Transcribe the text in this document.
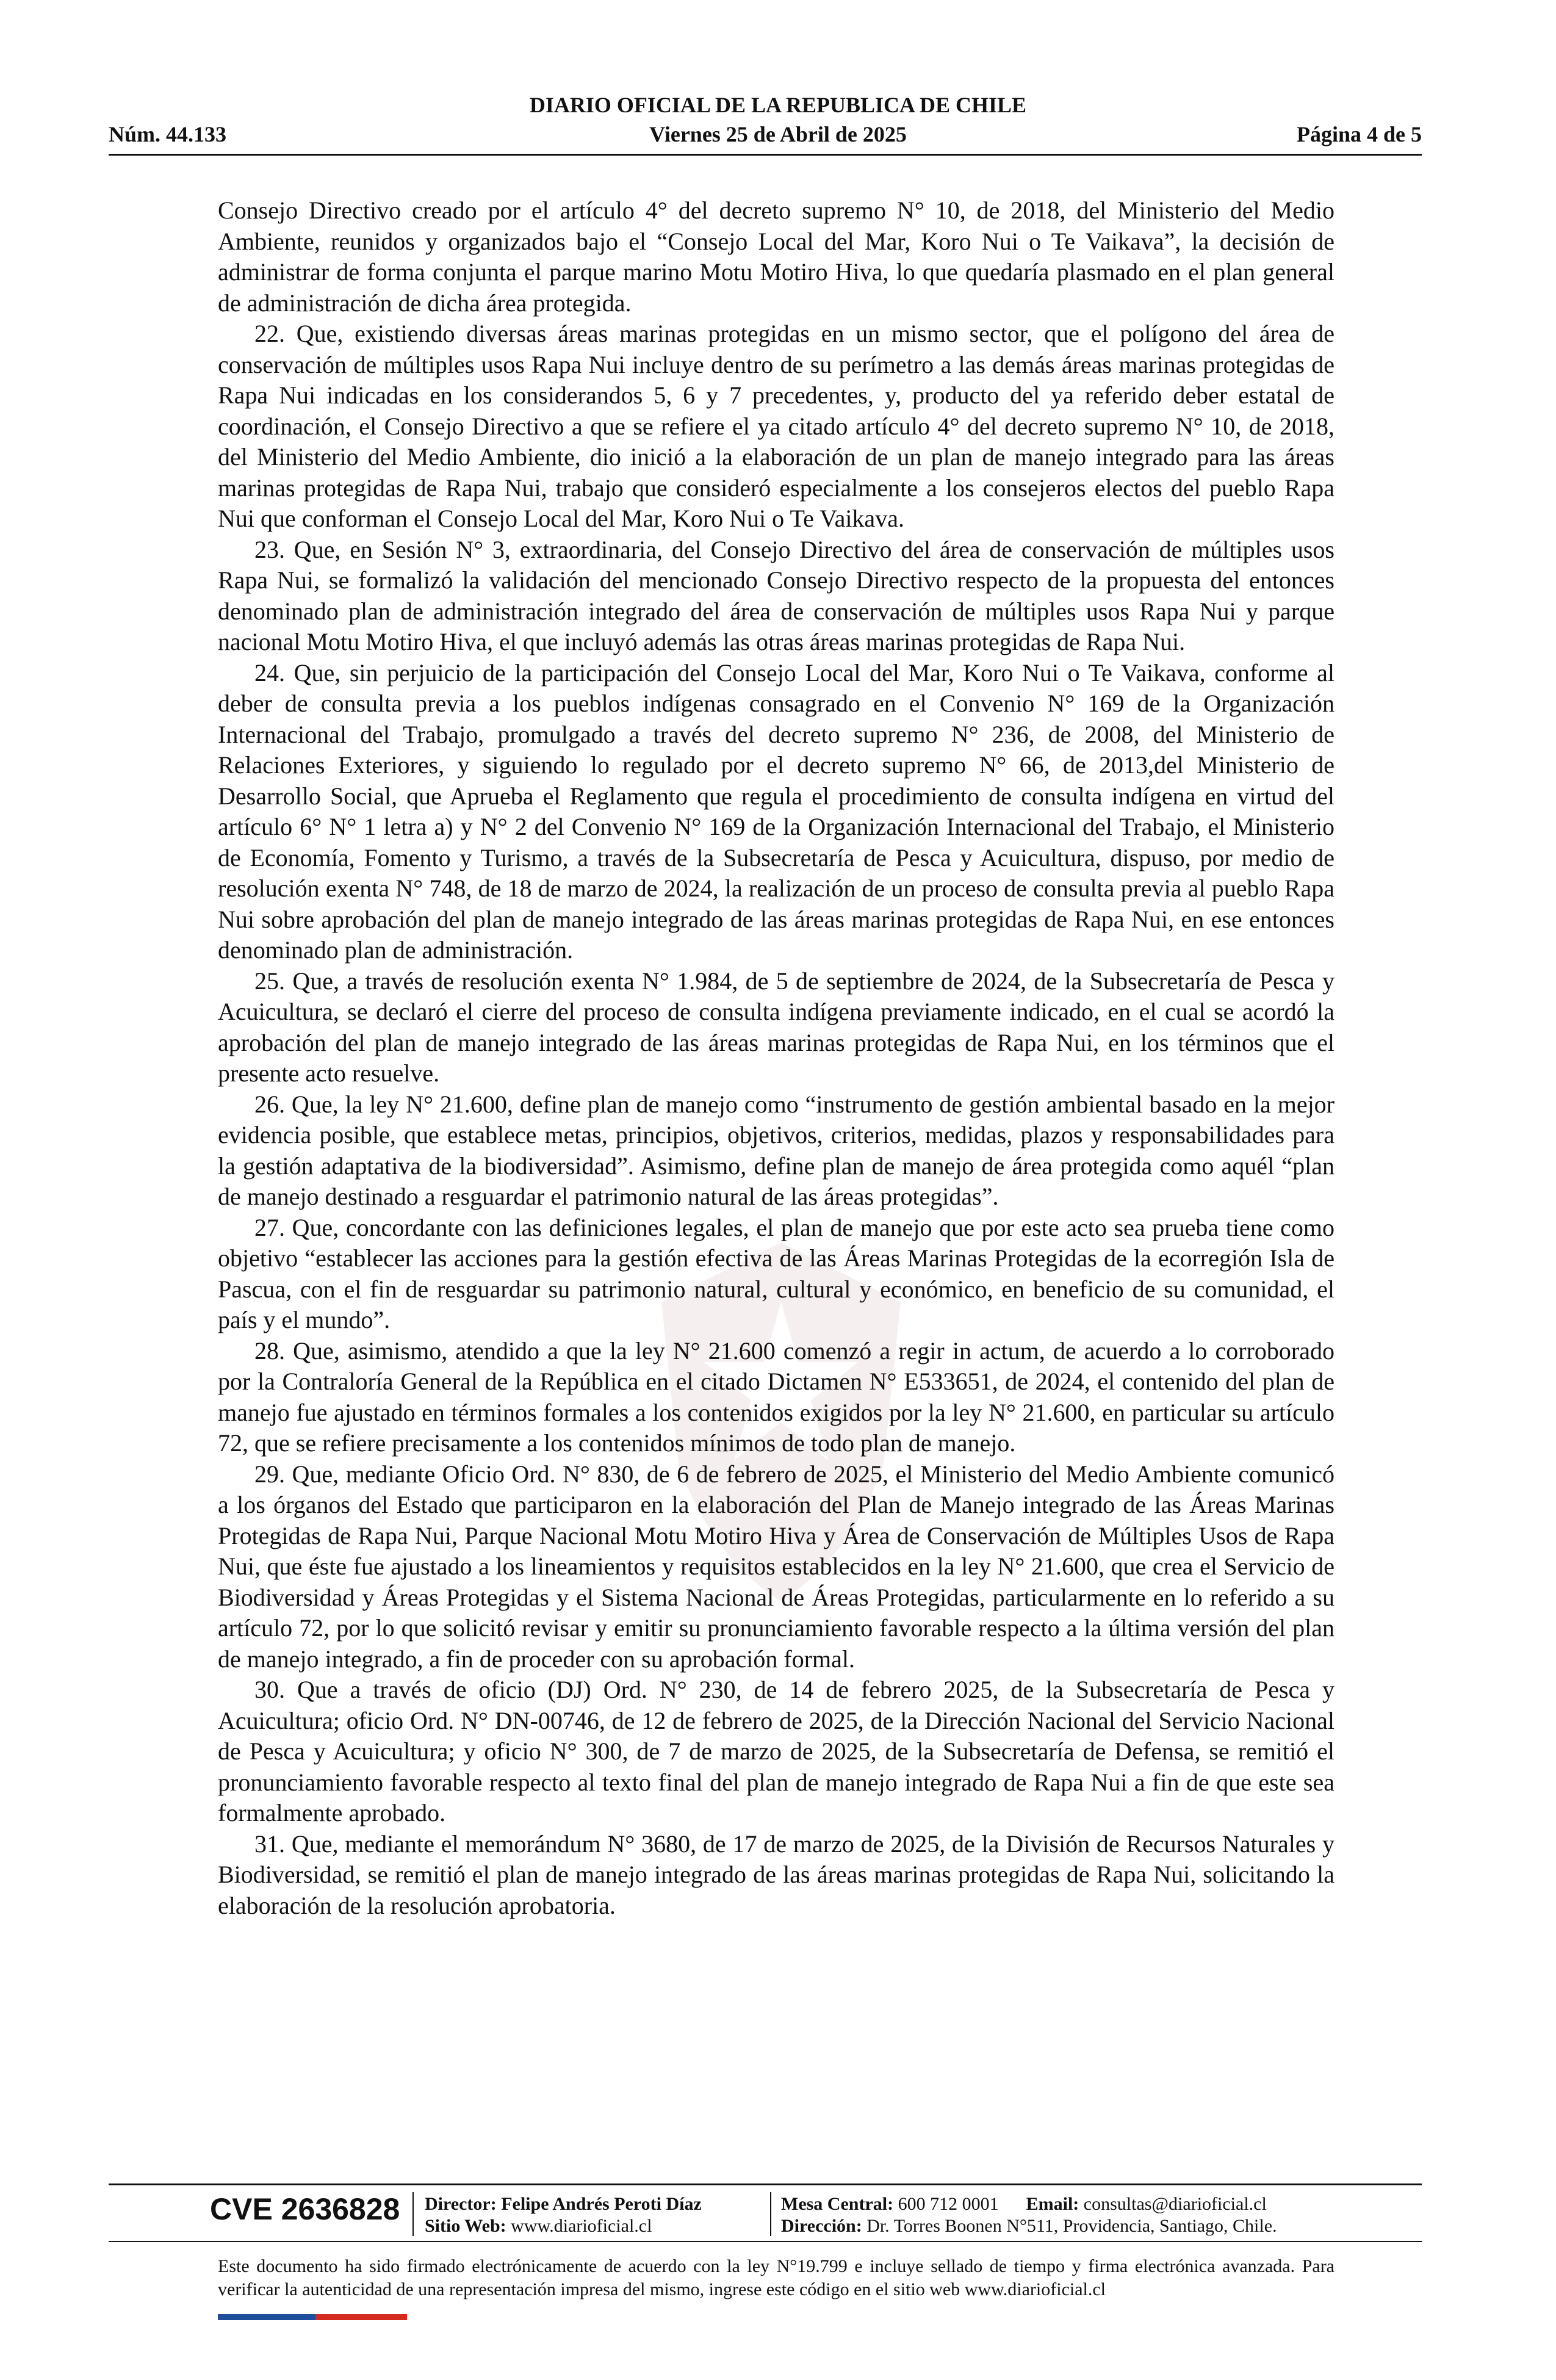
DIARIO OFICIAL DE LA REPUBLICA DE CHILE
Núm. 44.133	Viernes 25 de Abril de 2025	Página 4 de 5

Consejo Directivo creado por el artículo 4° del decreto supremo N° 10, de 2018, del Ministerio del Medio Ambiente, reunidos y organizados bajo el “Consejo Local del Mar, Koro Nui o Te Vaikava”, la decisión de administrar de forma conjunta el parque marino Motu Motiro Hiva, lo que quedaría plasmado en el plan general de administración de dicha área protegida.

22. Que, existiendo diversas áreas marinas protegidas en un mismo sector, que el polígono del área de conservación de múltiples usos Rapa Nui incluye dentro de su perímetro a las demás áreas marinas protegidas de Rapa Nui indicadas en los considerandos 5, 6 y 7 precedentes, y, producto del ya referido deber estatal de coordinación, el Consejo Directivo a que se refiere el ya citado artículo 4° del decreto supremo N° 10, de 2018, del Ministerio del Medio Ambiente, dio inició a la elaboración de un plan de manejo integrado para las áreas marinas protegidas de Rapa Nui, trabajo que consideró especialmente a los consejeros electos del pueblo Rapa Nui que conforman el Consejo Local del Mar, Koro Nui o Te Vaikava.

23. Que, en Sesión N° 3, extraordinaria, del Consejo Directivo del área de conservación de múltiples usos Rapa Nui, se formalizó la validación del mencionado Consejo Directivo respecto de la propuesta del entonces denominado plan de administración integrado del área de conservación de múltiples usos Rapa Nui y parque nacional Motu Motiro Hiva, el que incluyó además las otras áreas marinas protegidas de Rapa Nui.

24. Que, sin perjuicio de la participación del Consejo Local del Mar, Koro Nui o Te Vaikava, conforme al deber de consulta previa a los pueblos indígenas consagrado en el Convenio N° 169 de la Organización Internacional del Trabajo, promulgado a través del decreto supremo N° 236, de 2008, del Ministerio de Relaciones Exteriores, y siguiendo lo regulado por el decreto supremo N° 66, de 2013,del Ministerio de Desarrollo Social, que Aprueba el Reglamento que regula el procedimiento de consulta indígena en virtud del artículo 6° N° 1 letra a) y N° 2 del Convenio N° 169 de la Organización Internacional del Trabajo, el Ministerio de Economía, Fomento y Turismo, a través de la Subsecretaría de Pesca y Acuicultura, dispuso, por medio de resolución exenta N° 748, de 18 de marzo de 2024, la realización de un proceso de consulta previa al pueblo Rapa Nui sobre aprobación del plan de manejo integrado de las áreas marinas protegidas de Rapa Nui, en ese entonces denominado plan de administración.

25. Que, a través de resolución exenta N° 1.984, de 5 de septiembre de 2024, de la Subsecretaría de Pesca y Acuicultura, se declaró el cierre del proceso de consulta indígena previamente indicado, en el cual se acordó la aprobación del plan de manejo integrado de las áreas marinas protegidas de Rapa Nui, en los términos que el presente acto resuelve.

26. Que, la ley N° 21.600, define plan de manejo como “instrumento de gestión ambiental basado en la mejor evidencia posible, que establece metas, principios, objetivos, criterios, medidas, plazos y responsabilidades para la gestión adaptativa de la biodiversidad”. Asimismo, define plan de manejo de área protegida como aquél “plan de manejo destinado a resguardar el patrimonio natural de las áreas protegidas”.

27. Que, concordante con las definiciones legales, el plan de manejo que por este acto sea prueba tiene como objetivo “establecer las acciones para la gestión efectiva de las Áreas Marinas Protegidas de la ecorregión Isla de Pascua, con el fin de resguardar su patrimonio natural, cultural y económico, en beneficio de su comunidad, el país y el mundo”.

28. Que, asimismo, atendido a que la ley N° 21.600 comenzó a regir in actum, de acuerdo a lo corroborado por la Contraloría General de la República en el citado Dictamen N° E533651, de 2024, el contenido del plan de manejo fue ajustado en términos formales a los contenidos exigidos por la ley N° 21.600, en particular su artículo 72, que se refiere precisamente a los contenidos mínimos de todo plan de manejo.

29. Que, mediante Oficio Ord. N° 830, de 6 de febrero de 2025, el Ministerio del Medio Ambiente comunicó a los órganos del Estado que participaron en la elaboración del Plan de Manejo integrado de las Áreas Marinas Protegidas de Rapa Nui, Parque Nacional Motu Motiro Hiva y Área de Conservación de Múltiples Usos de Rapa Nui, que éste fue ajustado a los lineamientos y requisitos establecidos en la ley N° 21.600, que crea el Servicio de Biodiversidad y Áreas Protegidas y el Sistema Nacional de Áreas Protegidas, particularmente en lo referido a su artículo 72, por lo que solicitó revisar y emitir su pronunciamiento favorable respecto a la última versión del plan de manejo integrado, a fin de proceder con su aprobación formal.

30. Que a través de oficio (DJ) Ord. N° 230, de 14 de febrero 2025, de la Subsecretaría de Pesca y Acuicultura; oficio Ord. N° DN-00746, de 12 de febrero de 2025, de la Dirección Nacional del Servicio Nacional de Pesca y Acuicultura; y oficio N° 300, de 7 de marzo de 2025, de la Subsecretaría de Defensa, se remitió el pronunciamiento favorable respecto al texto final del plan de manejo integrado de Rapa Nui a fin de que este sea formalmente aprobado.

31. Que, mediante el memorándum N° 3680, de 17 de marzo de 2025, de la División de Recursos Naturales y Biodiversidad, se remitió el plan de manejo integrado de las áreas marinas protegidas de Rapa Nui, solicitando la elaboración de la resolución aprobatoria.

CVE 2636828 Director: Felipe Andrés Peroti Díaz
Sitio Web: www.diarioficial.cl
Mesa Central: 600 712 0001 Email: consultas@diarioficial.cl
Dirección: Dr. Torres Boonen N°511, Providencia, Santiago, Chile.
Este documento ha sido firmado electrónicamente de acuerdo con la ley N°19.799 e incluye sellado de tiempo y firma electrónica avanzada. Para verificar la autenticidad de una representación impresa del mismo, ingrese este código en el sitio web www.diarioficial.cl
